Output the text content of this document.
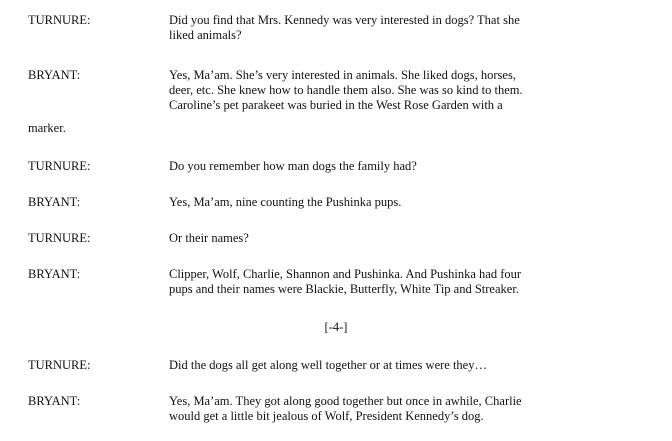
TURNURE:	Did you find that Mrs. Kennedy was very interested in dogs? That she
liked animals?
BRYANT:	Yes, Ma’am. She’s very interested in animals. She liked dogs, horses,
deer, etc. She knew how to handle them also. She was so kind to them.
Caroline’s pet parakeet was buried in the West Rose Garden with a
marker.
TURNURE:	Do you remember how man dogs the family had?
BRYANT:	Yes, Ma’am, nine counting the Pushinka pups.
TURNURE:	Or their names?
BRYANT:	Clipper, Wolf, Charlie, Shannon and Pushinka. And Pushinka had four
pups and their names were Blackie, Butterfly, White Tip and Streaker.
[-4-]
TURNURE:	Did the dogs all get along well together or at times were they…
BRYANT:	Yes, Ma’am. They got along good together but once in awhile, Charlie
would get a little bit jealous of Wolf, President Kennedy’s dog.
